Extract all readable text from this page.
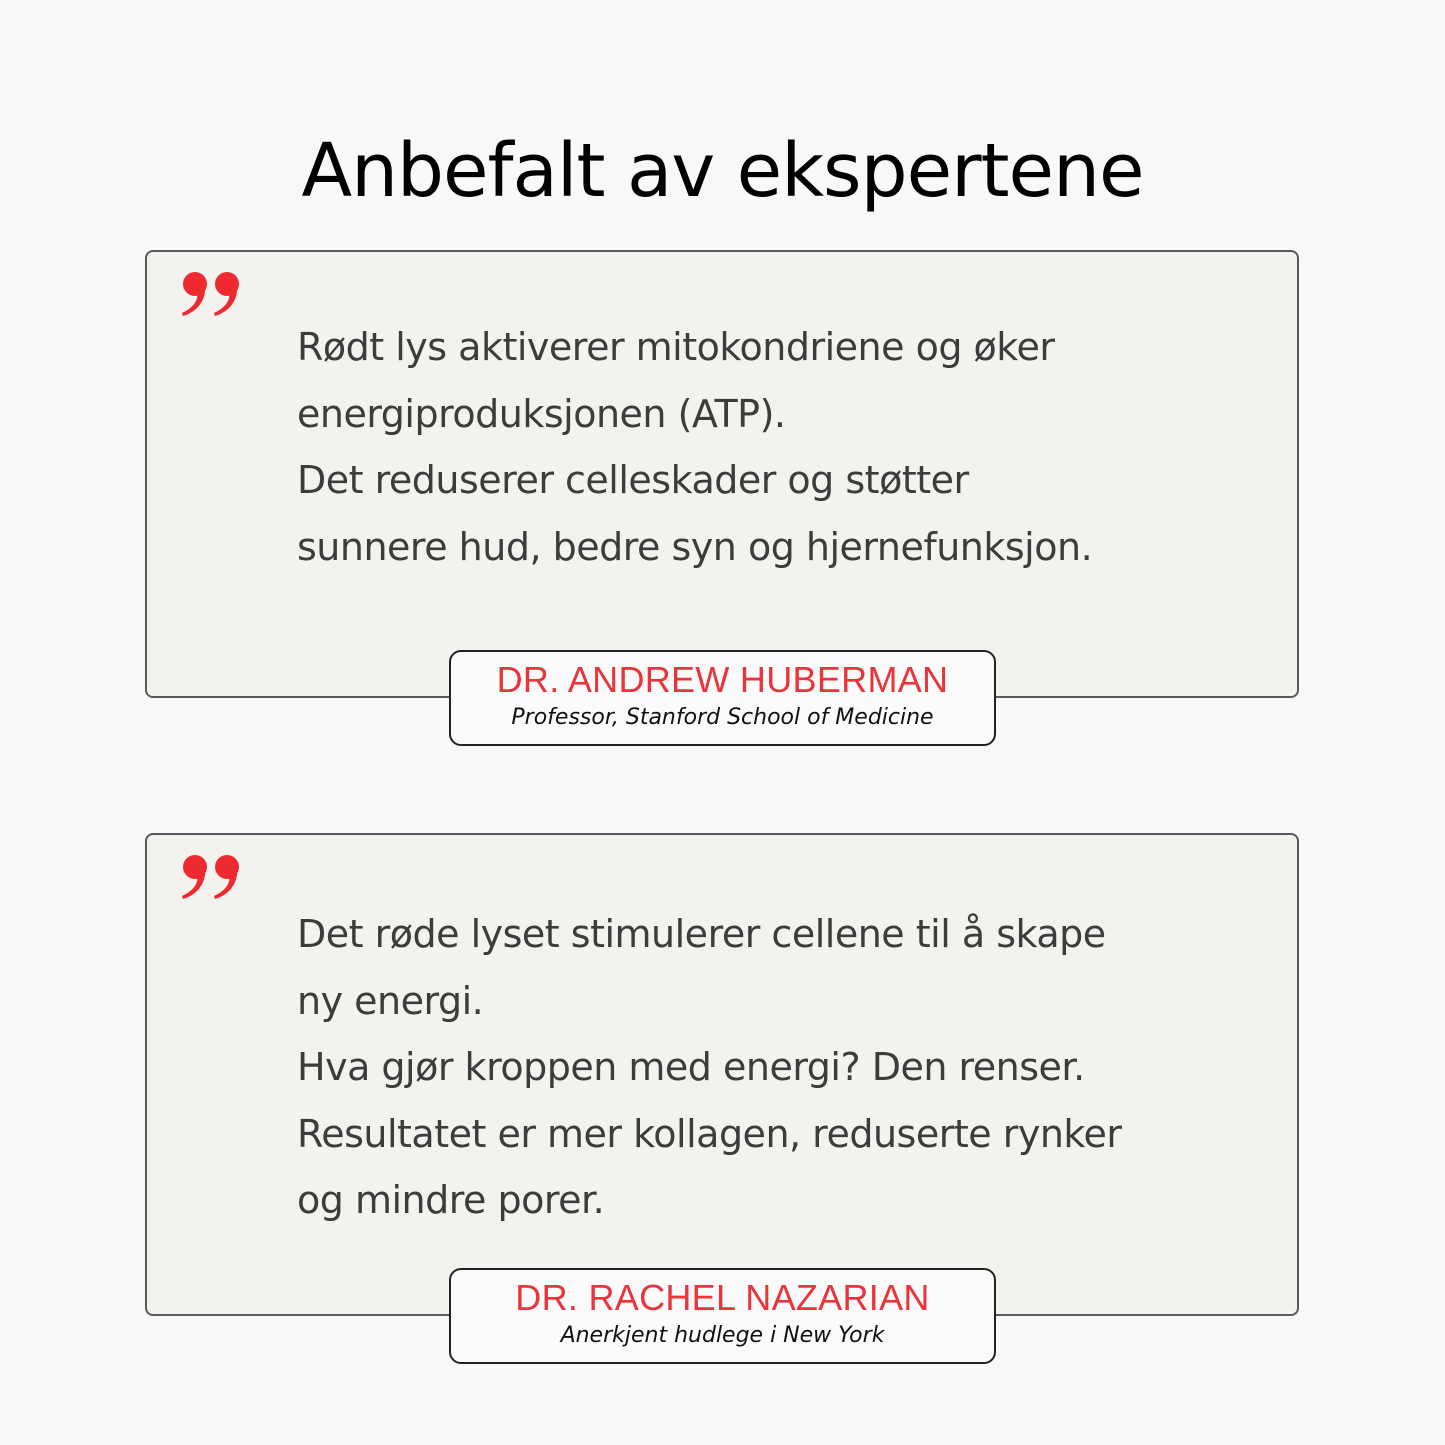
Anbefalt av ekspertene
Rødt lys aktiverer mitokondriene og øker
energiproduksjonen (ATP).
Det reduserer celleskader og støtter
sunnere hud, bedre syn og hjernefunksjon.
DR. ANDREW HUBERMAN
Professor, Stanford School of Medicine
Det røde lyset stimulerer cellene til å skape
ny energi.
Hva gjør kroppen med energi? Den renser.
Resultatet er mer kollagen, reduserte rynker
og mindre porer.
DR. RACHEL NAZARIAN
Anerkjent hudlege i New York
